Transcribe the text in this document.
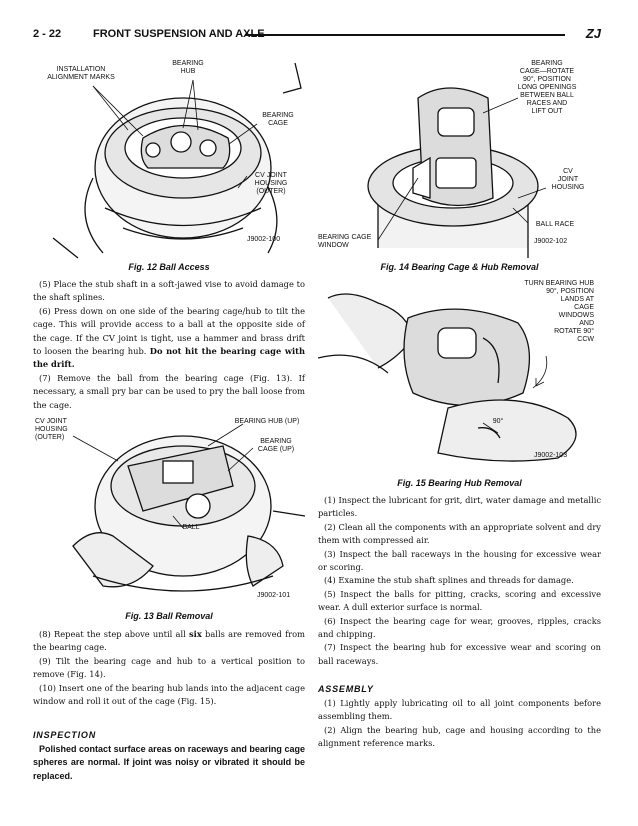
2 - 22	FRONT SUSPENSION AND AXLE	ZJ
INSTALLATION
ALIGNMENT MARKS
BEARING
HUB
BEARING
CAGE
CV JOINT
HOUSING
(OUTER)
J9002-100
Fig. 12 Ball Access

(5) Place the stub shaft in a soft-jawed vise to avoid damage to the shaft splines.

(6) Press down on one side of the bearing cage/hub to tilt the cage. This will provide access to a ball at the opposite side of the cage. If the CV joint is tight, use a hammer and brass drift to loosen the bearing hub. Do not hit the bearing cage with the drift.

(7) Remove the ball from the bearing cage (Fig. 13). If necessary, a small pry bar can be used to pry the ball loose from the cage.

CV JOINT
HOUSING
(OUTER)
BEARING HUB (UP)
BEARING
CAGE (UP)
BALL
J9002-101
Fig. 13 Ball Removal

(8) Repeat the step above until all six balls are removed from the bearing cage.

(9) Tilt the bearing cage and hub to a vertical position to remove (Fig. 14).

(10) Insert one of the bearing hub lands into the adjacent cage window and roll it out of the cage (Fig. 15).

INSPECTION

Polished contact surface areas on raceways and bearing cage spheres are normal. If joint was noisy or vibrated it should be replaced.

BEARING
CAGE—ROTATE
90°, POSITION
LONG OPENINGS
BETWEEN BALL
RACES AND
LIFT OUT
CV
JOINT
HOUSING
BALL RACE
BEARING CAGE
WINDOW
J9002-102
Fig. 14 Bearing Cage & Hub Removal
TURN BEARING HUB
90°, POSITION
LANDS AT
CAGE
WINDOWS
AND
ROTATE 90°
CCW
90°
J9002-103
Fig. 15 Bearing Hub Removal

(1) Inspect the lubricant for grit, dirt, water damage and metallic particles.

(2) Clean all the components with an appropriate solvent and dry them with compressed air.

(3) Inspect the ball raceways in the housing for excessive wear or scoring.

(4) Examine the stub shaft splines and threads for damage.

(5) Inspect the balls for pitting, cracks, scoring and excessive wear. A dull exterior surface is normal.

(6) Inspect the bearing cage for wear, grooves, ripples, cracks and chipping.

(7) Inspect the bearing hub for excessive wear and scoring on ball raceways.

ASSEMBLY

(1) Lightly apply lubricating oil to all joint components before assembling them.

(2) Align the bearing hub, cage and housing according to the alignment reference marks.
